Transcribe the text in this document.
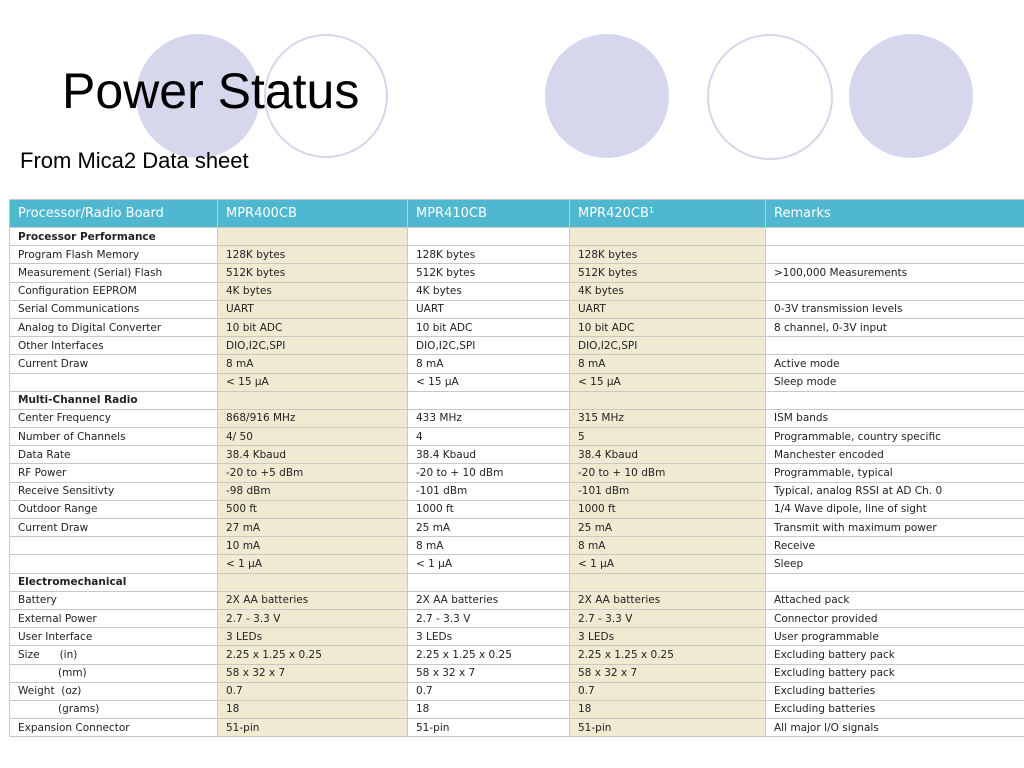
Power Status
From Mica2 Data sheet
Processor/Radio Board	MPR400CB	MPR410CB	MPR420CB¹	Remarks
Processor Performance				
Program Flash Memory	128K bytes	128K bytes	128K bytes	
Measurement (Serial) Flash	512K bytes	512K bytes	512K bytes	>100,000 Measurements
Configuration EEPROM	4K bytes	4K bytes	4K bytes	
Serial Communications	UART	UART	UART	0-3V transmission levels
Analog to Digital Converter	10 bit ADC	10 bit ADC	10 bit ADC	8 channel, 0-3V input
Other Interfaces	DIO,I2C,SPI	DIO,I2C,SPI	DIO,I2C,SPI	
Current Draw	8 mA	8 mA	8 mA	Active mode
	< 15 µA	< 15 µA	< 15 µA	Sleep mode
Multi-Channel Radio				
Center Frequency	868/916 MHz	433 MHz	315 MHz	ISM bands
Number of Channels	4/ 50	4	5	Programmable, country specific
Data Rate	38.4 Kbaud	38.4 Kbaud	38.4 Kbaud	Manchester encoded
RF Power	-20 to +5 dBm	-20 to + 10 dBm	-20 to + 10 dBm	Programmable, typical
Receive Sensitivty	-98 dBm	-101 dBm	-101 dBm	Typical, analog RSSI at AD Ch. 0
Outdoor Range	500 ft	1000 ft	1000 ft	1/4 Wave dipole, line of sight
Current Draw	27 mA	25 mA	25 mA	Transmit with maximum power
	10 mA	8 mA	8 mA	Receive
	< 1 µA	< 1 µA	< 1 µA	Sleep
Electromechanical				
Battery	2X AA batteries	2X AA batteries	2X AA batteries	Attached pack
External Power	2.7 - 3.3 V	2.7 - 3.3 V	2.7 - 3.3 V	Connector provided
User Interface	3 LEDs	3 LEDs	3 LEDs	User programmable
Size      (in)	2.25 x 1.25 x 0.25	2.25 x 1.25 x 0.25	2.25 x 1.25 x 0.25	Excluding battery pack
(mm)	58 x 32 x 7	58 x 32 x 7	58 x 32 x 7	Excluding battery pack
Weight  (oz)	0.7	0.7	0.7	Excluding batteries
(grams)	18	18	18	Excluding batteries
Expansion Connector	51-pin	51-pin	51-pin	All major I/O signals
